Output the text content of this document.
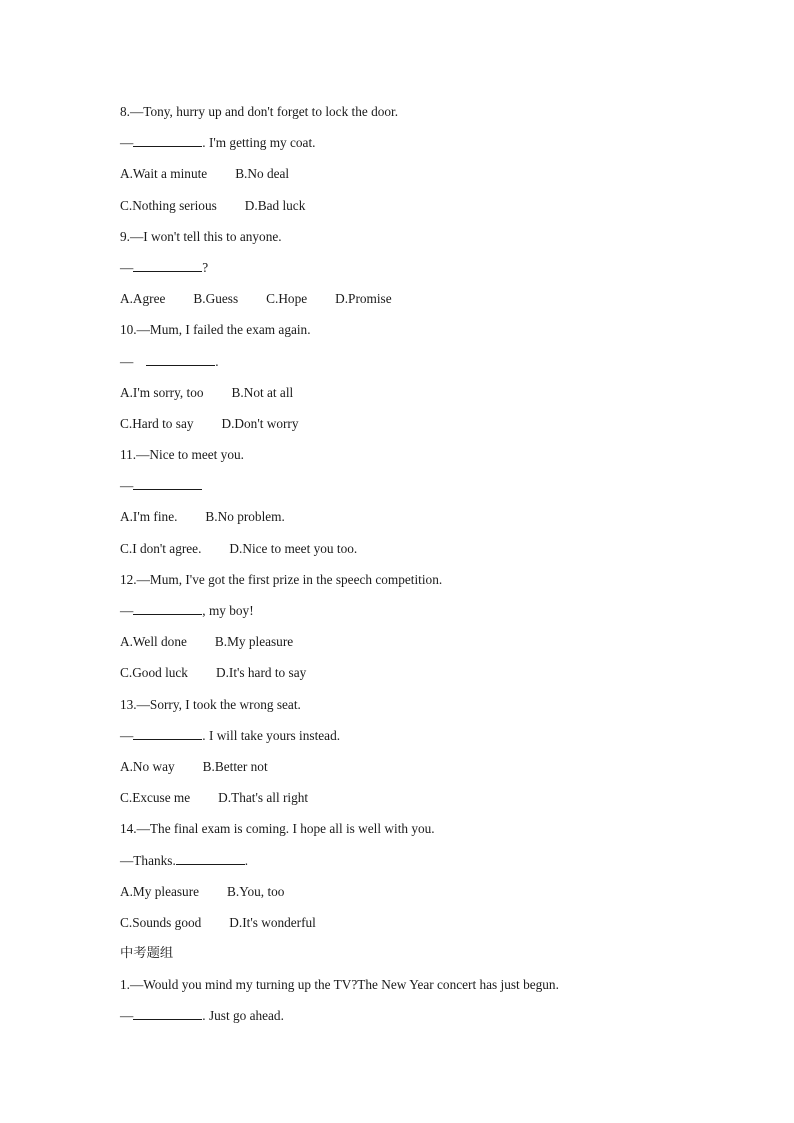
8.—Tony, hurry up and don't forget to lock the door.
—	. I'm getting my coat.
A.Wait a minute B.No deal
C.Nothing serious D.Bad luck
9.—I won't tell this to anyone.
—	?
A.Agree B.Guess C.Hope D.Promise
10.—Mum, I failed the exam again.
—	.
A.I'm sorry, too B.Not at all
C.Hard to say D.Don't worry
11.—Nice to meet you.
—
A.I'm fine. B.No problem.
C.I don't agree. D.Nice to meet you too.
12.—Mum, I've got the first prize in the speech competition.
—	, my boy!
A.Well done B.My pleasure
C.Good luck D.It's hard to say
13.—Sorry, I took the wrong seat.
—	. I will take yours instead.
A.No way B.Better not
C.Excuse me D.That's all right
14.—The final exam is coming. I hope all is well with you.
—Thanks.	.
A.My pleasure B.You, too
C.Sounds good D.It's wonderful
中考题组
1.—Would you mind my turning up the TV?The New Year concert has just begun.
—	. Just go ahead.
